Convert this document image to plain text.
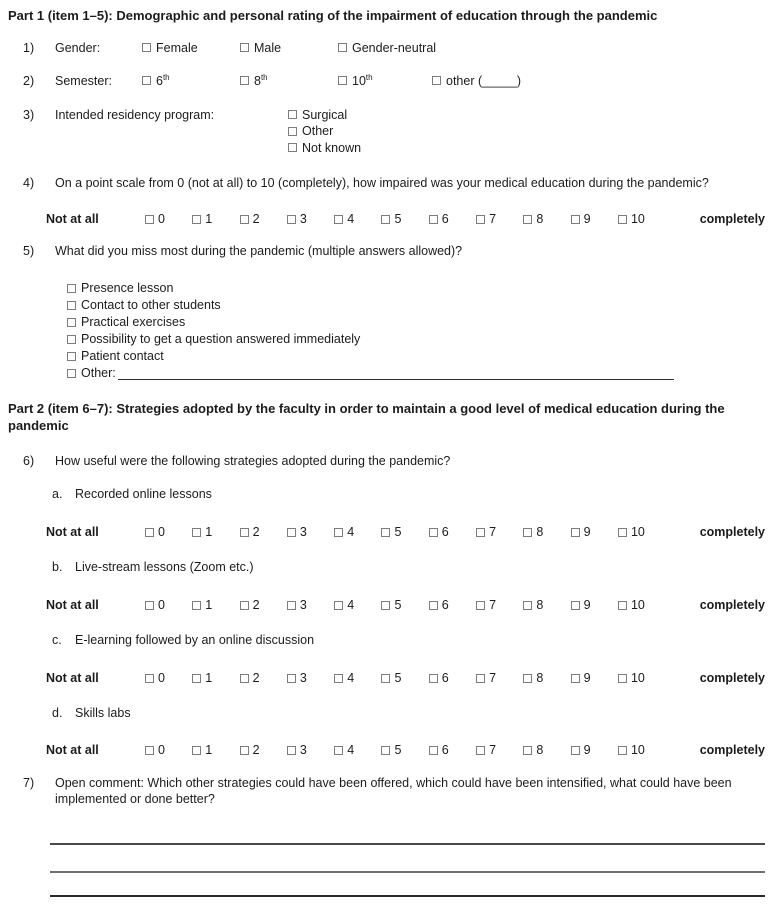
Part 1 (item 1–5): Demographic and personal rating of the impairment of education through the pandemic
1)	Gender:	Female	Male	Gender-neutral
2)	Semester:	6th	8th	10th	other (_____)
3)	Intended residency program:	Surgical
Other
Not known
4)	On a point scale from 0 (not at all) to 10 (completely), how impaired was your medical education during the pandemic?
Not at all	0	1	2	3	4	5	6	7	8	9	10	completely
5)	What did you miss most during the pandemic (multiple answers allowed)?
Presence lesson
Contact to other students
Practical exercises
Possibility to get a question answered immediately
Patient contact
Other:
Part 2 (item 6–7): Strategies adopted by the faculty in order to maintain a good level of medical education during the pandemic
6)	How useful were the following strategies adopted during the pandemic?
a.	Recorded online lessons
Not at all	0	1	2	3	4	5	6	7	8	9	10	completely
b.	Live-stream lessons (Zoom etc.)
Not at all	0	1	2	3	4	5	6	7	8	9	10	completely
c.	E-learning followed by an online discussion
Not at all	0	1	2	3	4	5	6	7	8	9	10	completely
d.	Skills labs
Not at all	0	1	2	3	4	5	6	7	8	9	10	completely
7)	Open comment: Which other strategies could have been offered, which could have been intensified, what could have been implemented or done better?
